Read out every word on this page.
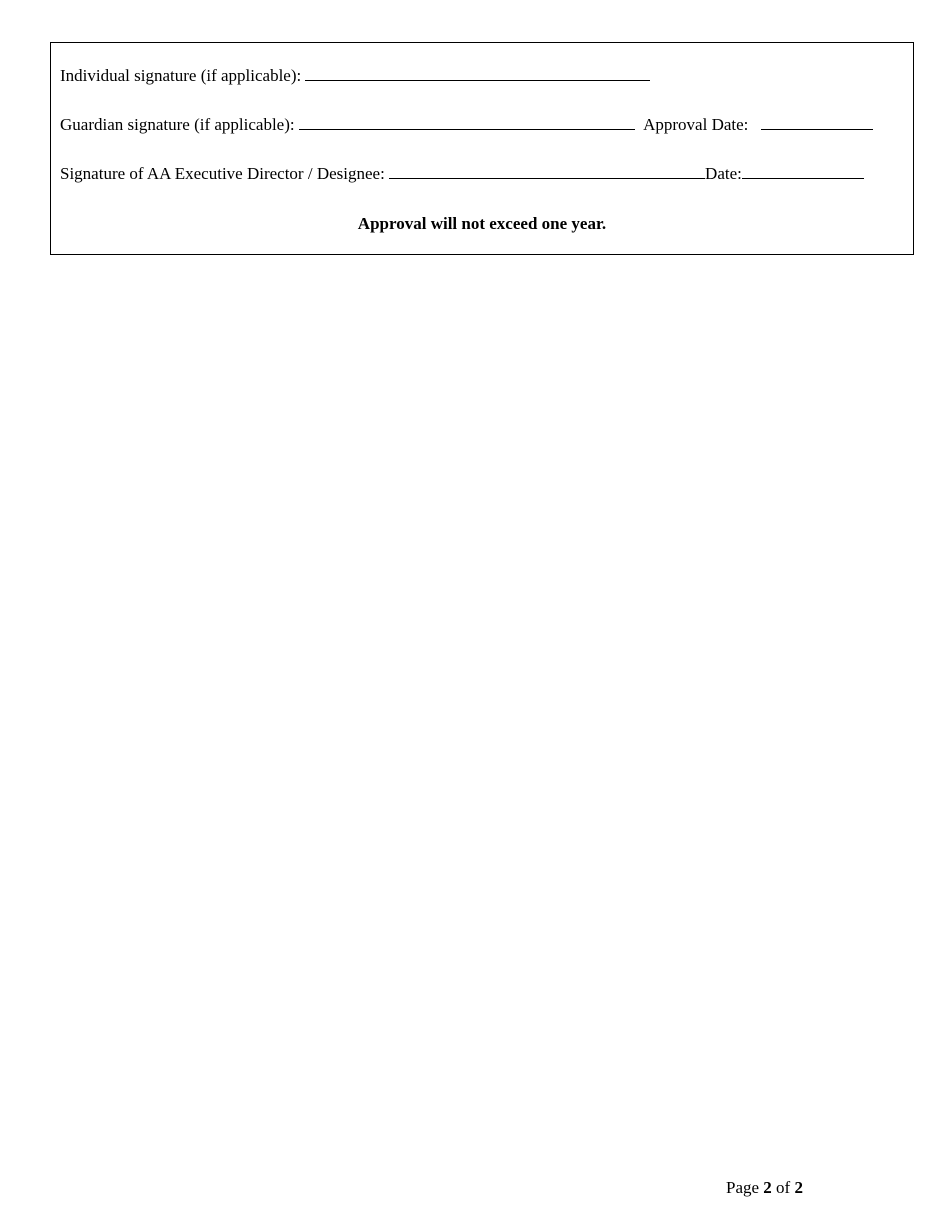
Individual signature (if applicable):
Guardian signature (if applicable):	Approval Date:
Signature of AA Executive Director / Designee:	Date:
Approval will not exceed one year.
Page 2 of 2
